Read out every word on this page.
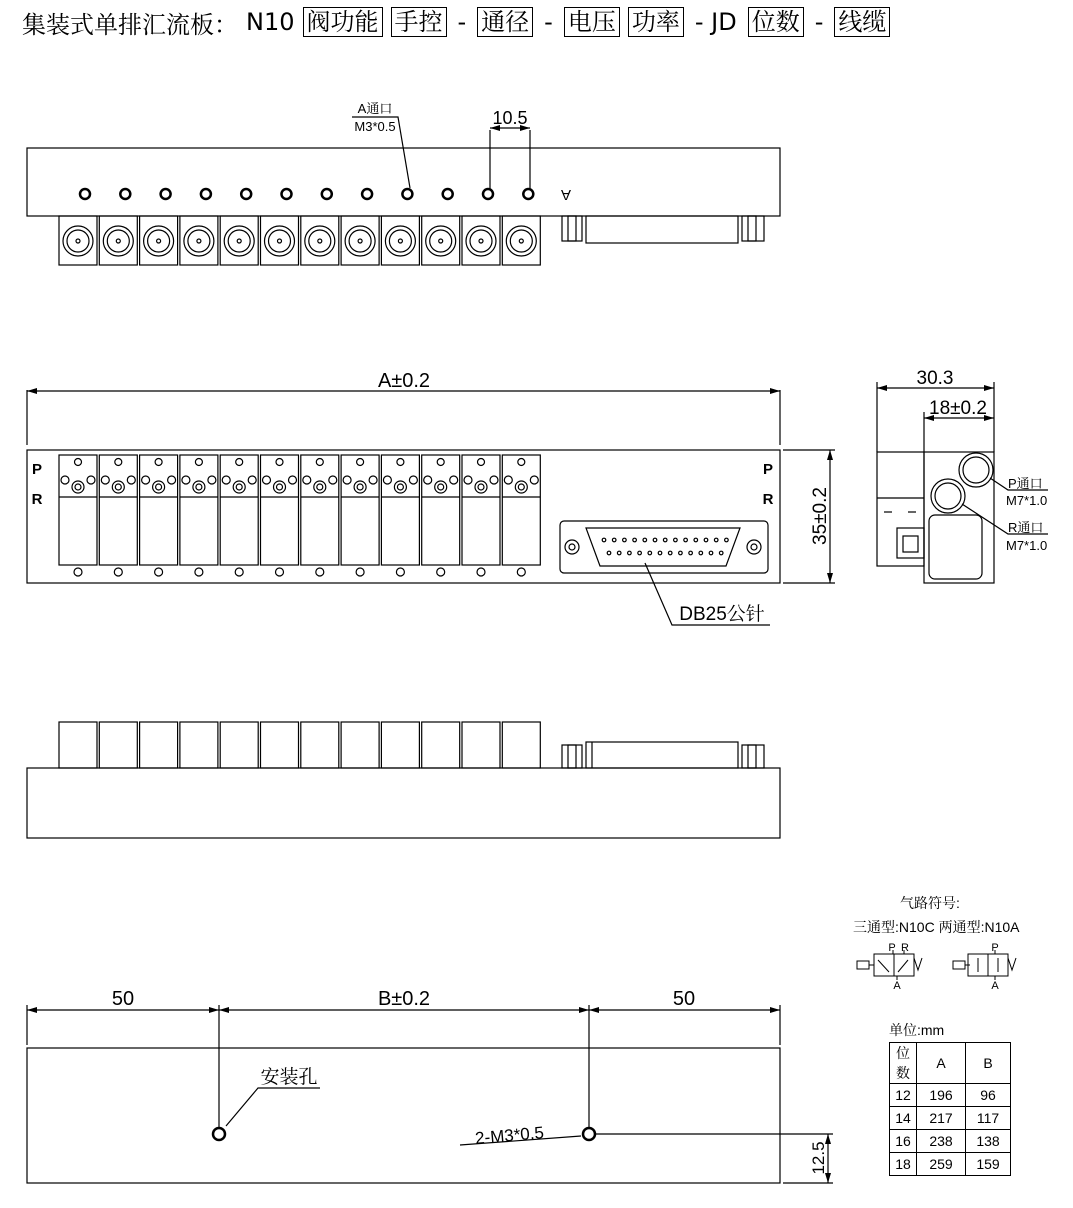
集装式单排汇流板： N10 阀功能 手控 - 通径 - 电压 功率 - JD 位数 - 线缆
A通口
M3*0.5	10.5
A
A±0.2
P
R
P
R
DB25公针
35±0.2
30.3
18±0.2
P通口
M7*1.0
R通口
M7*1.0
50	B±0.2	50
安装孔
2-M3*0.5
12.5
P R
A
P
A
气路符号:
三通型:N10C 两通型:N10A
单位:mm
位数	A	B
12	196	96
14	217	117
16	238	138
18	259	159
